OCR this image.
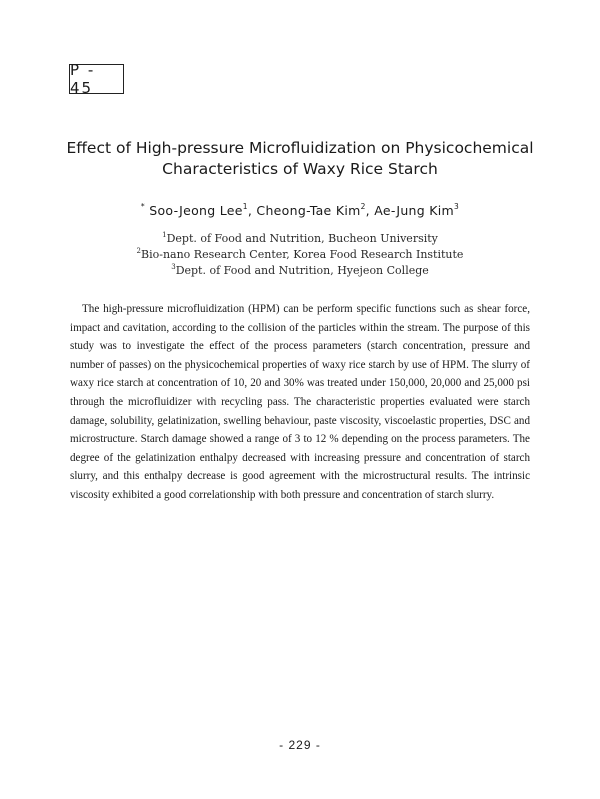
P - 45
Effect of High-pressure Microfluidization on Physicochemical
Characteristics of Waxy Rice Starch
* Soo-Jeong Lee$^1$, Cheong-Tae Kim$^2$, Ae-Jung Kim$^3$
$^1$Dept. of Food and Nutrition, Bucheon University
$^2$Bio-nano Research Center, Korea Food Research Institute
$^3$Dept. of Food and Nutrition, Hyejeon College

The high-pressure microfluidization (HPM) can be perform specific functions such as shear force, impact and cavitation, according to the collision of the particles within the stream. The purpose of this study was to investigate the effect of the process parameters (starch concentration, pressure and number of passes) on the physicochemical properties of waxy rice starch by use of HPM. The slurry of waxy rice starch at concentration of 10, 20 and 30% was treated under 150,000, 20,000 and 25,000 psi through the microfluidizer with recycling pass. The characteristic properties evaluated were starch damage, solubility, gelatinization, swelling behaviour, paste viscosity, viscoelastic properties, DSC and microstructure. Starch damage showed a range of 3 to 12 % depending on the process parameters. The degree of the gelatinization enthalpy decreased with increasing pressure and concentration of starch slurry, and this enthalpy decrease is good agreement with the microstructural results. The intrinsic viscosity exhibited a good correlationship with both pressure and concentration of starch slurry.

- 229 -
